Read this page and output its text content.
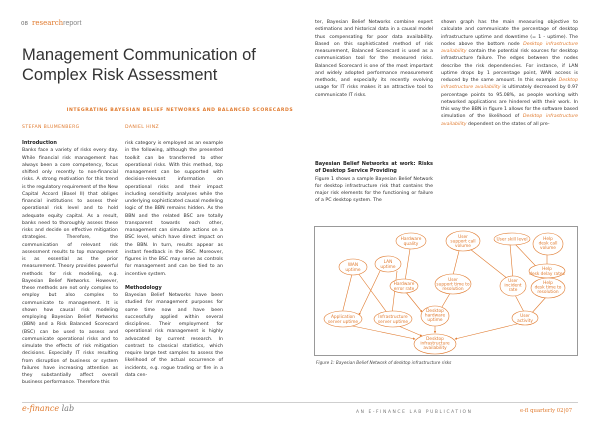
08 researchreport
Management Communication of
Complex Risk Assessment
INTEGRATING BAYESIAN BELIEF NETWORKS AND BALANCED SCORECARDS
STEFAN BLUMENBERG	DANIEL HINZ
Introduction

Banks face a variety of risks every day. While financial risk management has always been a core competency, focus shifted only recently to non-financial risks. A strong motivation for this trend is the regulatory requirement of the New Capital Accord (Basel II) that obliges financial institutions to assess their operational risk level and to hold adequate equity capital. As a result, banks need to thoroughly assess these risks and decide on effective mitigation strategies. Therefore, the communication of relevant risk assessment results to top management is as essential as the prior measurement. Theory provides powerful methods for risk modeling, e.g. Bayesian Belief Networks. However, these methods are not only complex to employ but also complex to communicate to management. It is shown how causal risk modeling employing Bayesian Belief Networks (BBN) and a Risk Balanced Scorecard (BSC) can be used to assess and communicate operational risks and to simulate the effects of risk mitigation decisions. Especially IT risks resulting from disruption of business or system failures have increasing attention as they substantially affect overall business performance. Therefore this

risk category is employed as an example in the following, although the presented toolkit can be transferred to other operational risks. With this method, top management can be supported with decision-relevant information on operational risks and their impact including sensitivity analyses while the underlying sophisticated causal modeling logic of the BBN remains hidden. As the BBN and the related BSC are totally transparent towards each other, management can simulate actions on a BSC level, which have direct impact on the BBN. In turn, results appear as instant feedback in the BSC. Moreover, figures in the BSC may serve as controls for management and can be tied to an incentive system.

Methodology

Bayesian Belief Networks have been studied for management purposes for some time now and have been successfully applied within several disciplines. Their employment for operational risk management is highly advocated by current research. In contrast to classical statistics, which require large test samples to assess the likelihood of the actual occurrence of incidents, e.g. rogue trading or fire in a data cen-

ter, Bayesian Belief Networks combine expert estimations and historical data in a causal model thus compensating for poor data availability. Based on this sophisticated method of risk measurement, Balanced Scorecard is used as a communication tool for the measured risks. Balanced Scorecard is one of the most important and widely adopted performance measurement methods, and especially its recently evolving usage for IT risks makes it an attractive tool to communicate IT risks.

Bayesian Belief Networks at work: Risks of Desktop Service Providing

Figure 1 shows a sample Bayesian Belief Network for desktop infrastructure risk that contains the major risk elements for the functioning or failure of a PC desktop system. The

shown graph has the main measuring objective to calculate and communicate the percentage of desktop infrastructure uptime and downtime (= 1 - uptime). The nodes above the bottom node Desktop infrastructure availability contain the potential risk sources for desktop infrastructure failure. The edges between the nodes describe the risk dependencies. For instance, if LAN uptime drops by 1 percentage point, WAN access is reduced by the same amount. In this example Desktop infrastructure availability is ultimately decreased by 0.97 percentage points to 95.08%, as people working with networked applications are hindered with their work. In this way the BBN in figure 1 allows for the software based simulation of the likelihood of Desktop infrastructure availability dependent on the states of all pre-

Hardware
quality
User
support call
volume
User skill level	Help
desk call
volume
WAN
uptime
LAN
uptime
Hardware
error rate
User
support time to
resolution
User
incident
rate
Help
desk delay rates
Help
desk time to
resolution
Application
server uptime
Infrastructure
server uptime
Desktop
hardware
uptime
User
activity
Desktop
infrastructure
availability
Figure 1: Bayesian Belief Network of desktop infrastructure risks
e-finance lab	AN E-FINANCE LAB PUBLICATION	e-fl quarterly 02|07
